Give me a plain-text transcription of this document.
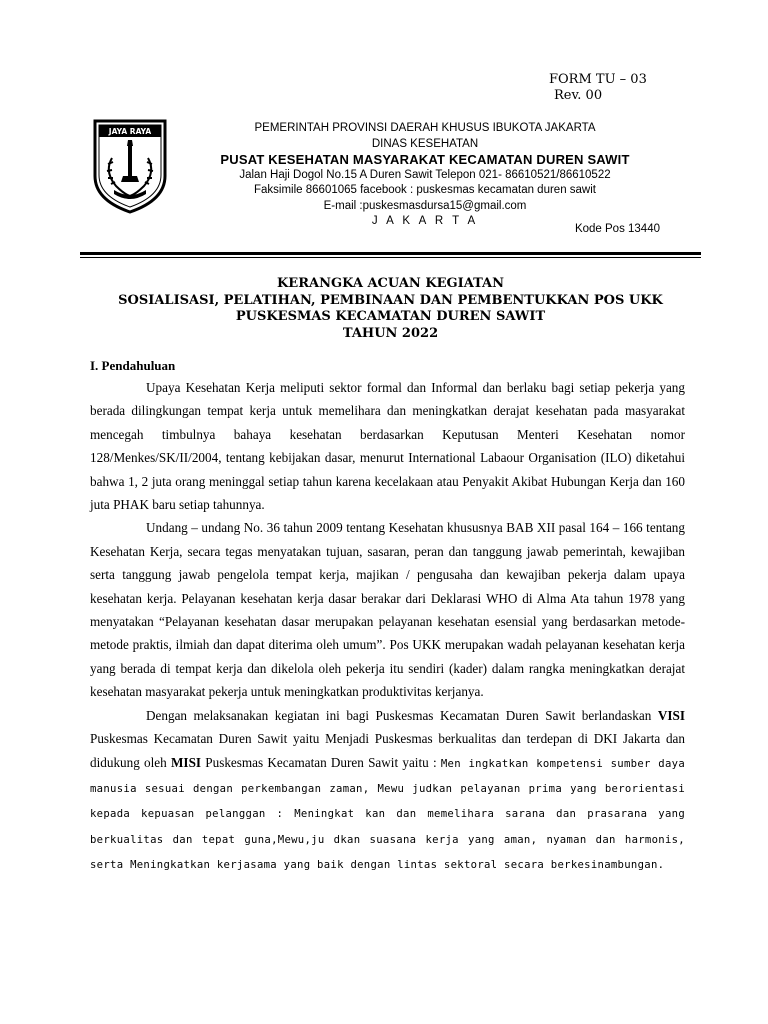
FORM TU – 03
Rev. 00
JAYA RAYA	PEMERINTAH PROVINSI DAERAH KHUSUS IBUKOTA JAKARTA
DINAS KESEHATAN
PUSAT KESEHATAN MASYARAKAT KECAMATAN DUREN SAWIT
Jalan Haji Dogol No.15 A Duren Sawit Telepon 021- 86610521/86610522
Faksimile 86601065 facebook : puskesmas kecamatan duren sawit
E-mail :puskesmasdursa15@gmail.com
J A K A R T A
Kode Pos 13440
KERANGKA ACUAN KEGIATAN
SOSIALISASI, PELATIHAN, PEMBINAAN DAN PEMBENTUKKAN POS UKK
PUSKESMAS KECAMATAN DUREN SAWIT
TAHUN 2022
I. Pendahuluan

Upaya Kesehatan Kerja meliputi sektor formal dan Informal dan berlaku bagi setiap pekerja yang berada dilingkungan tempat kerja untuk memelihara dan meningkatkan derajat kesehatan pada masyarakat mencegah timbulnya bahaya kesehatan berdasarkan Keputusan Menteri Kesehatan nomor 128/Menkes/SK/II/2004, tentang kebijakan dasar, menurut International Labaour Organisation (ILO) diketahui bahwa 1, 2 juta orang meninggal setiap tahun karena kecelakaan atau Penyakit Akibat Hubungan Kerja dan 160 juta PHAK baru setiap tahunnya.

Undang – undang No. 36 tahun 2009 tentang Kesehatan khususnya BAB XII pasal 164 – 166 tentang Kesehatan Kerja, secara tegas menyatakan tujuan, sasaran, peran dan tanggung jawab pemerintah, kewajiban serta tanggung jawab pengelola tempat kerja, majikan / pengusaha dan kewajiban pekerja dalam upaya kesehatan kerja. Pelayanan kesehatan kerja dasar berakar dari Deklarasi WHO di Alma Ata tahun 1978 yang menyatakan “Pelayanan kesehatan dasar merupakan pelayanan kesehatan esensial yang berdasarkan metode-metode praktis, ilmiah dan dapat diterima oleh umum”. Pos UKK merupakan wadah pelayanan kesehatan kerja yang berada di tempat kerja dan dikelola oleh pekerja itu sendiri (kader) dalam rangka meningkatkan derajat kesehatan masyarakat pekerja untuk meningkatkan produktivitas kerjanya.

Dengan melaksanakan kegiatan ini bagi Puskesmas Kecamatan Duren Sawit berlandaskan VISI Puskesmas Kecamatan Duren Sawit yaitu Menjadi Puskesmas berkualitas dan terdepan di DKI Jakarta dan didukung oleh MISI Puskesmas Kecamatan Duren Sawit yaitu : Men ingkatkan kompetensi sumber daya manusia sesuai dengan perkembangan zaman, Mewu judkan pelayanan prima yang berorientasi kepada kepuasan pelanggan : Meningkat kan dan memelihara sarana dan prasarana yang berkualitas dan tepat guna,Mewu,ju dkan suasana kerja yang aman, nyaman dan harmonis, serta Meningkatkan kerjasama yang baik dengan lintas sektoral secara berkesinambungan.
